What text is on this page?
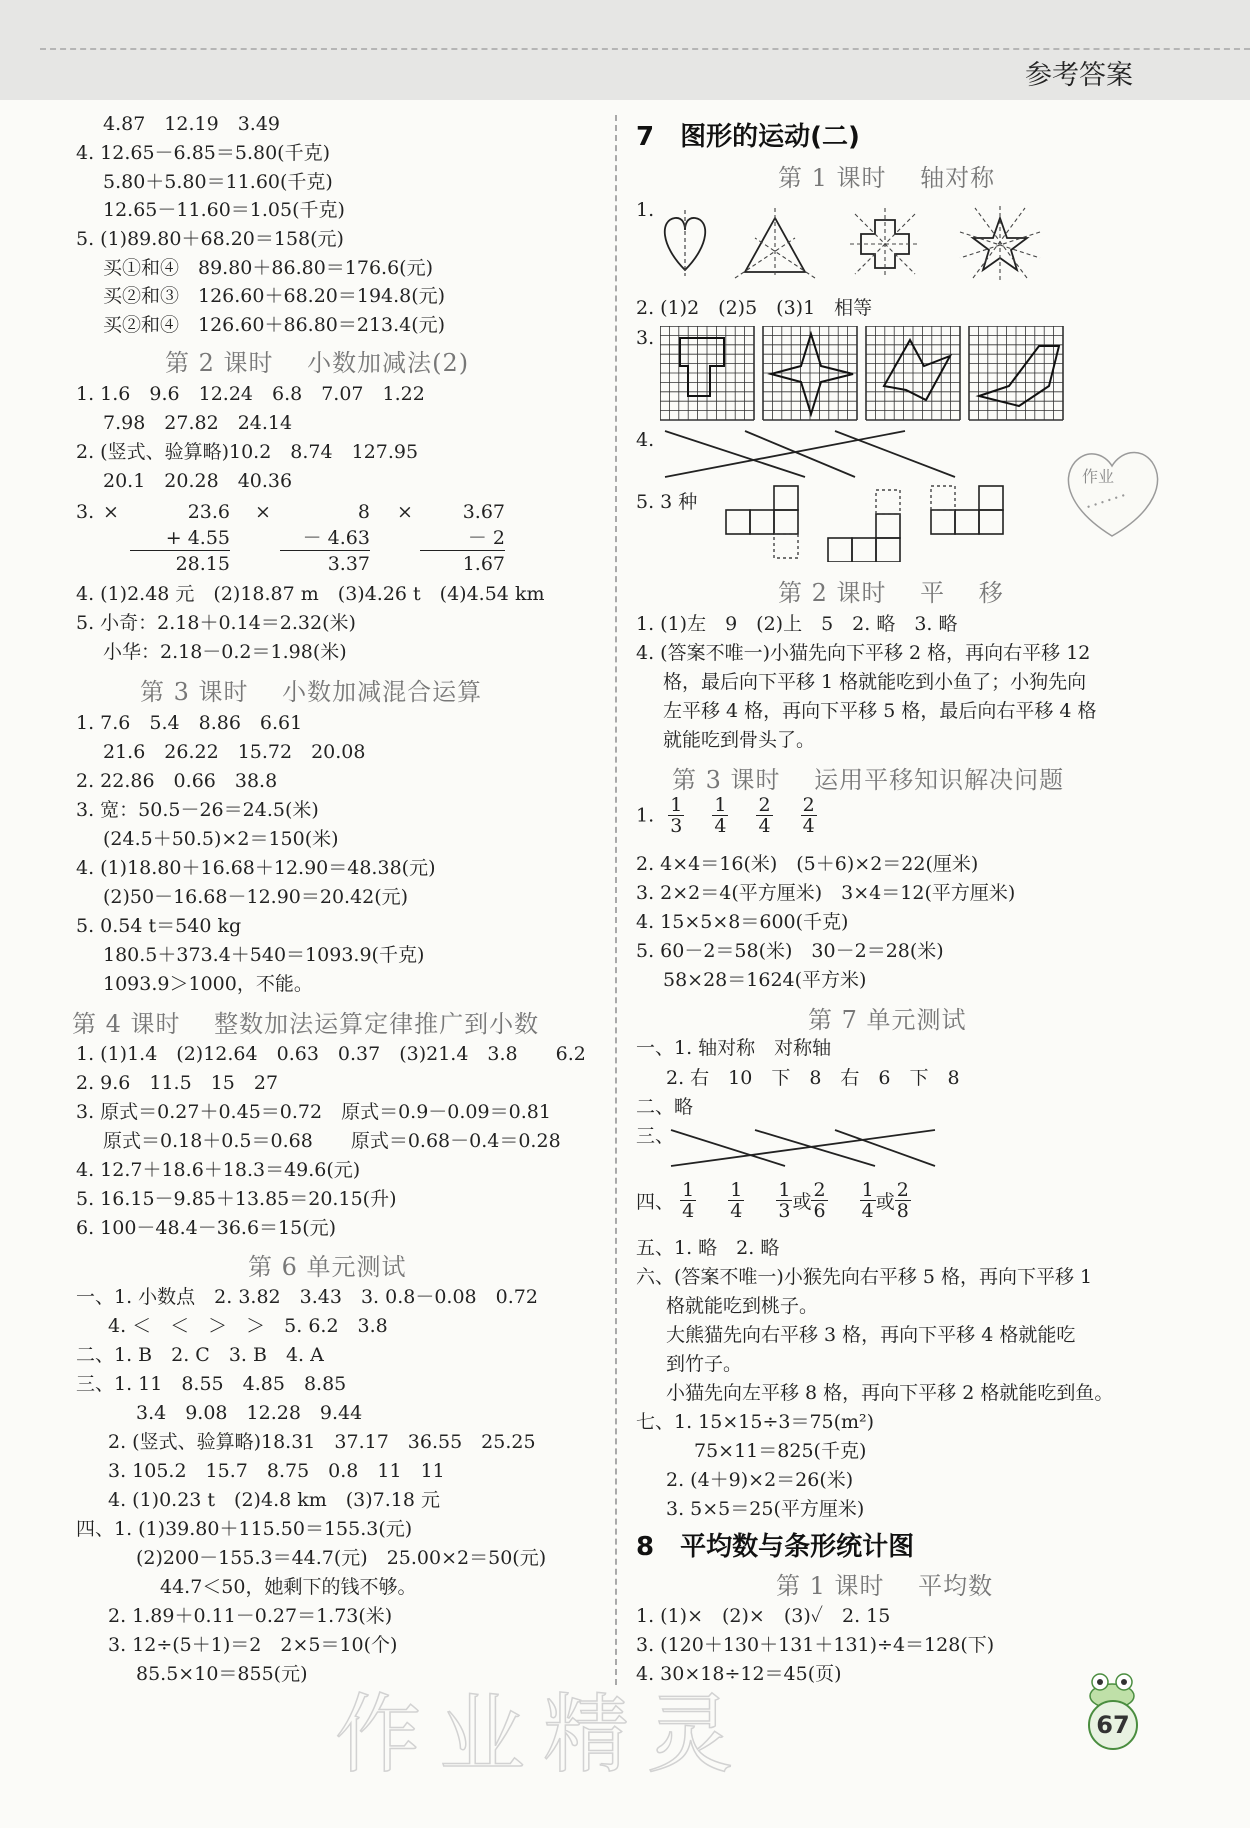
参考答案
4.87　12.19　3.49
4. 12.65－6.85＝5.80(千克)
5.80＋5.80＝11.60(千克)
12.65－11.60＝1.05(千克)
5. (1)89.80＋68.20＝158(元)
买①和④　89.80＋86.80＝176.6(元)
买②和③　126.60＋68.20＝194.8(元)
买②和④　126.60＋86.80＝213.4(元)
第 2 课时　 小数加减法(2)
1. 1.6　9.6　12.24　6.8　7.07　1.22
7.98　27.82　24.14
2. (竖式、验算略)10.2　8.74　127.95
20.1　20.28　40.36
3. ×	23.6
+ 4.55
28.15
×	8
－ 4.63
3.37
×	3.67
－ 2
1.67
4. (1)2.48 元　(2)18.87 m　(3)4.26 t　(4)4.54 km
5. 小奇：2.18＋0.14＝2.32(米)
小华：2.18－0.2＝1.98(米)
第 3 课时　 小数加减混合运算
1. 7.6　5.4　8.86　6.61
21.6　26.22　15.72　20.08
2. 22.86　0.66　38.8
3. 宽：50.5－26＝24.5(米)
(24.5＋50.5)×2＝150(米)
4. (1)18.80＋16.68＋12.90＝48.38(元)
(2)50－16.68－12.90＝20.42(元)
5. 0.54 t＝540 kg
180.5＋373.4＋540＝1093.9(千克)
1093.9＞1000，不能。
第 4 课时　 整数加法运算定律推广到小数
1. (1)1.4　(2)12.64　0.63　0.37　(3)21.4　3.8　　6.2
2. 9.6　11.5　15　27
3. 原式＝0.27＋0.45＝0.72　原式＝0.9－0.09＝0.81
原式＝0.18＋0.5＝0.68　　原式＝0.68－0.4＝0.28
4. 12.7＋18.6＋18.3＝49.6(元)
5. 16.15－9.85＋13.85＝20.15(升)
6. 100－48.4－36.6＝15(元)
第 6 单元测试
一、1. 小数点　2. 3.82　3.43　3. 0.8－0.08　0.72
4. ＜　＜　＞　＞　5. 6.2　3.8
二、1. B　2. C　3. B　4. A
三、1. 11　8.55　4.85　8.85
3.4　9.08　12.28　9.44
2. (竖式、验算略)18.31　37.17　36.55　25.25
3. 105.2　15.7　8.75　0.8　11　11
4. (1)0.23 t　(2)4.8 km　(3)7.18 元
四、1. (1)39.80＋115.50＝155.3(元)
(2)200－155.3＝44.7(元)　25.00×2＝50(元)
44.7＜50，她剩下的钱不够。
2. 1.89＋0.11－0.27＝1.73(米)
3. 12÷(5＋1)＝2　2×5＝10(个)
85.5×10＝855(元)
7　图形的运动(二)
第 1 课时　 轴对称
1.
2. (1)2　(2)5　(3)1　相等
3.
4.
作业
• • • • • •
5. 3 种
第 2 课时　 平　 移
1. (1)左　9　(2)上　5　2. 略　3. 略
4. (答案不唯一)小猫先向下平移 2 格，再向右平移 12
格，最后向下平移 1 格就能吃到小鱼了；小狗先向
左平移 4 格，再向下平移 5 格，最后向右平移 4 格
就能吃到骨头了。
第 3 课时　 运用平移知识解决问题
1. $\frac{1}{3}$
$\frac{1}{4}$
$\frac{2}{4}$
$\frac{2}{4}$
2. 4×4＝16(米)　(5＋6)×2＝22(厘米)
3. 2×2＝4(平方厘米)　3×4＝12(平方厘米)
4. 15×5×8＝600(千克)
5. 60－2＝58(米)　30－2＝28(米)
58×28＝1624(平方米)
第 7 单元测试
一、1. 轴对称　对称轴
2. 右　10　下　8　右　6　下　8
二、略
三、
四、 $\frac{1}{4}$
$\frac{1}{4}$
$\frac{1}{3}$ 或 $\frac{2}{6}$
$\frac{1}{4}$ 或 $\frac{2}{8}$
五、1. 略　2. 略
六、(答案不唯一)小猴先向右平移 5 格，再向下平移 1
格就能吃到桃子。
大熊猫先向右平移 3 格，再向下平移 4 格就能吃
到竹子。
小猫先向左平移 8 格，再向下平移 2 格就能吃到鱼。
七、1. 15×15÷3＝75(m²)
75×11＝825(千克)
2. (4＋9)×2＝26(米)
3. 5×5＝25(平方厘米)
8　平均数与条形统计图
第 1 课时　 平均数
1. (1)×　(2)×　(3)✓　2. 15
3. (120＋130＋131＋131)÷4＝128(下)
4. 30×18÷12＝45(页)
作业精灵	67
